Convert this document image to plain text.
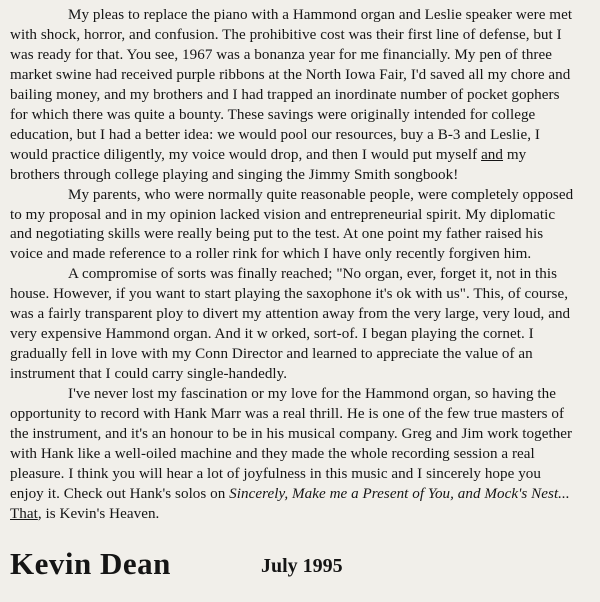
My pleas to replace the piano with a Hammond organ and Leslie speaker were met with shock, horror, and confusion. The prohibitive cost was their first line of defense, but I was ready for that. You see, 1967 was a bonanza year for me financially. My pen of three market swine had received purple ribbons at the North Iowa Fair, I'd saved all my chore and bailing money, and my brothers and I had trapped an inordinate number of pocket gophers for which there was quite a bounty. These savings were originally intended for college education, but I had a better idea: we would pool our resources, buy a B-3 and Leslie, I would practice diligently, my voice would drop, and then I would put myself and my brothers through college playing and singing the Jimmy Smith songbook!

My parents, who were normally quite reasonable people, were completely opposed to my proposal and in my opinion lacked vision and entrepreneurial spirit. My diplomatic and negotiating skills were really being put to the test. At one point my father raised his voice and made reference to a roller rink for which I have only recently forgiven him.

A compromise of sorts was finally reached; "No organ, ever, forget it, not in this house. However, if you want to start playing the saxophone it's ok with us". This, of course, was a fairly transparent ploy to divert my attention away from the very large, very loud, and very expensive Hammond organ. And it w orked, sort-of. I began playing the cornet. I gradually fell in love with my Conn Director and learned to appreciate the value of an instrument that I could carry single-handedly.

I've never lost my fascination or my love for the Hammond organ, so having the opportunity to record with Hank Marr was a real thrill. He is one of the few true masters of the instrument, and it's an honour to be in his musical company. Greg and Jim work together with Hank like a well-oiled machine and they made the whole recording session a real pleasure. I think you will hear a lot of joyfulness in this music and I sincerely hope you enjoy it. Check out Hank's solos on Sincerely, Make me a Present of You, and Mock's Nest... That, is Kevin's Heaven.

Kevin Dean	July 1995
